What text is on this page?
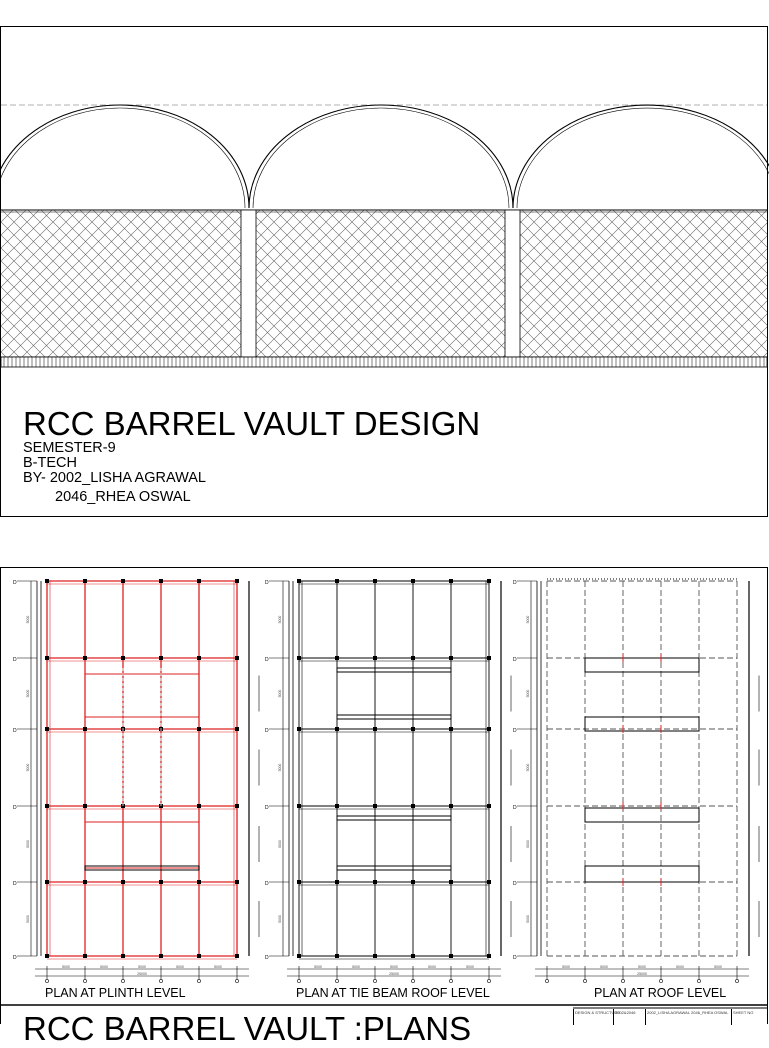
RCC BARREL VAULT DESIGN
SEMESTER-9
B-TECH
BY- 2002_LISHA AGRAWAL
2046_RHEA OSWAL
5000
5000
5000
5000
5000
D
D
D
D
D
D
5000	5000	5000	5000	5000
25000
5000
5000
5000
5000
5000
D
D
D
D
D
D
5000	5000	5000	5000	5000
25000
5000
5000
5000
5000
5000
D
D
D
D
D
D
5000	5000	5000	5000	5000
25000
PLAN AT PLINTH LEVEL	PLAN AT TIE BEAM ROOF LEVEL	PLAN AT ROOF LEVEL
RCC BARREL VAULT :PLANS	DESIGN & STRUCTURE
2002&2046	2002_LISHA AGRAWAL 2046_RHEA OSWAL	SHEET NO
